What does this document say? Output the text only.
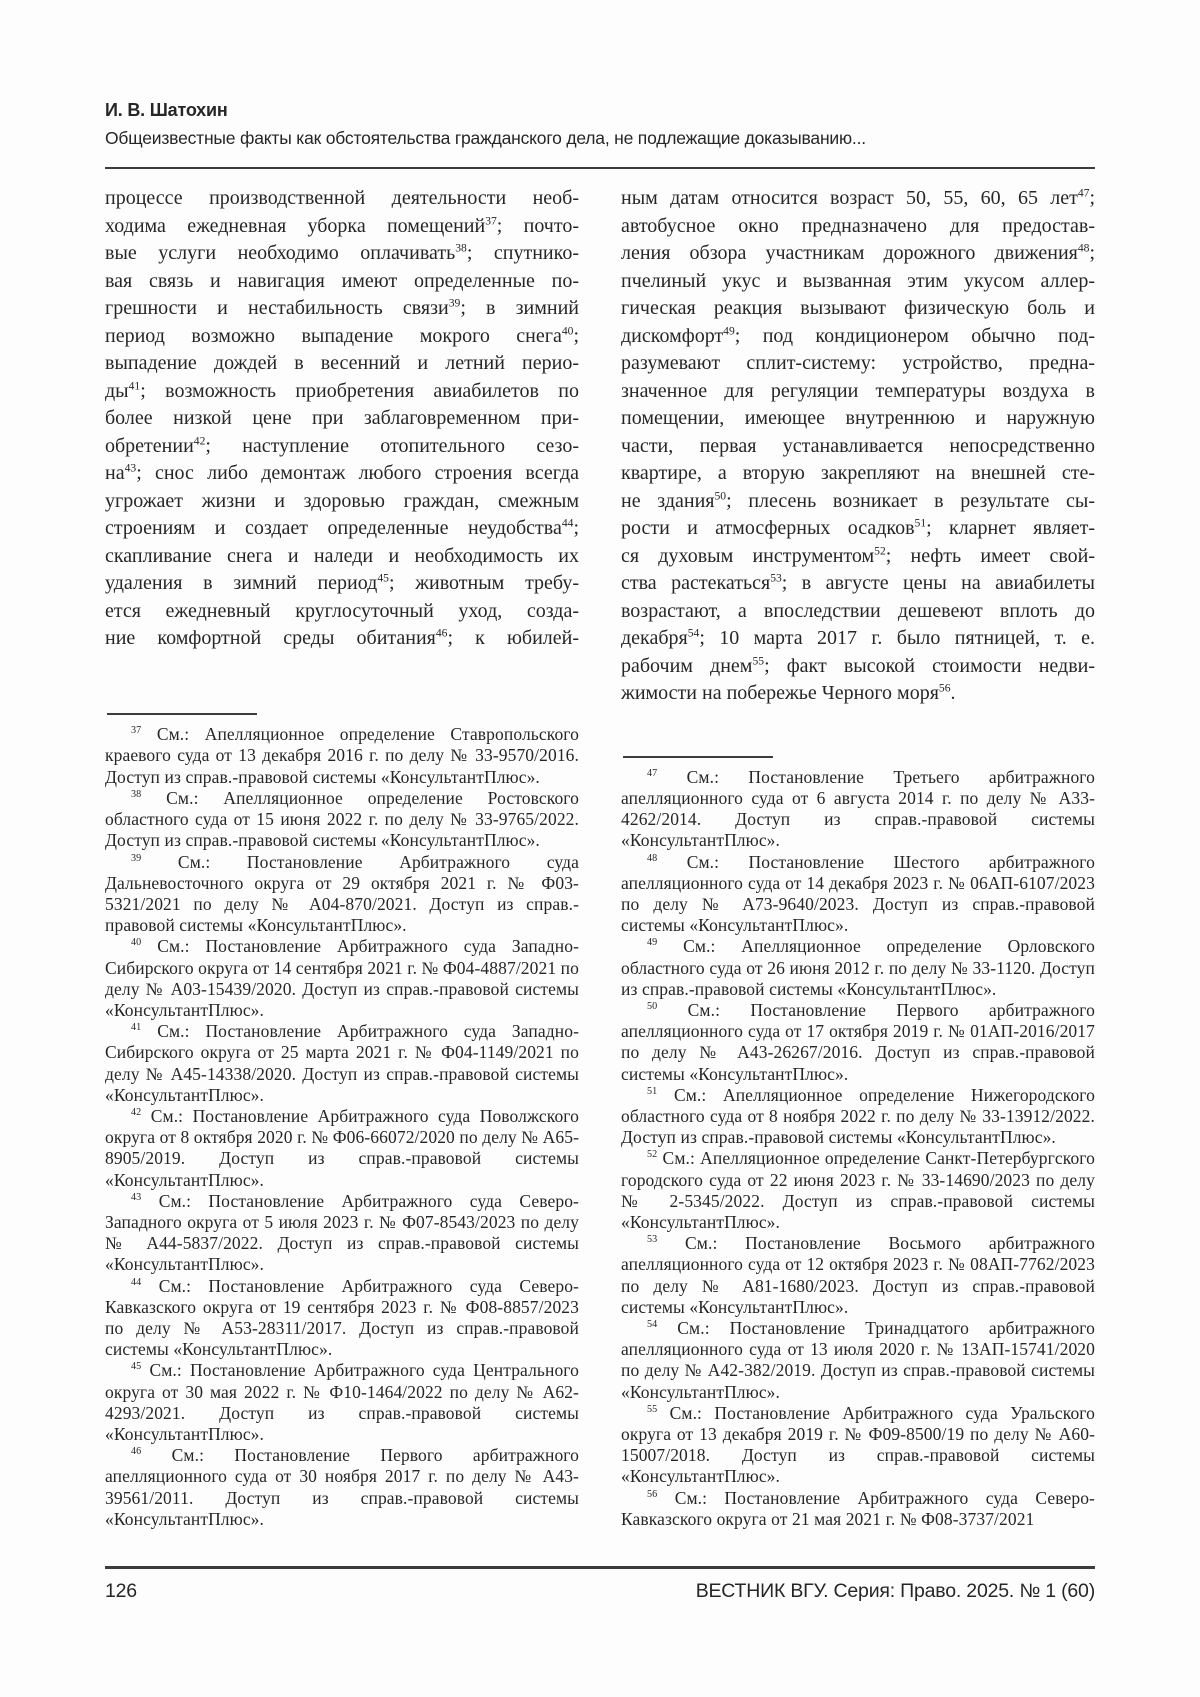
И. В. Шатохин
Общеизвестные факты как обстоятельства гражданского дела, не подлежащие доказыванию...
процессе производственной деятельности необ-
ходима ежедневная уборка помещений$^{37}$; почто-
вые услуги необходимо оплачивать$^{38}$; спутнико-
вая связь и навигация имеют определенные по-
грешности и нестабильность связи$^{39}$; в зимний
период возможно выпадение мокрого снега$^{40}$;
выпадение дождей в весенний и летний перио-
$ды^{41}$; возможность приобретения авиабилетов по
более низкой цене при заблаговременном при-
обретении$^{42}$; наступление отопительного сезо-
$на^{43}$; снос либо демонтаж любого строения всегда
угрожает жизни и здоровью граждан, смежным
строениям и создает определенные неудобства$^{44}$;
скапливание снега и наледи и необходимость их
удаления в зимний период$^{45}$; животным требу-
ется ежедневный круглосуточный уход, созда-
ние комфортной среды обитания$^{46}$; к юбилей-

$^{37}$ См.: Апелляционное определение Ставропольского краевого суда от 13 декабря 2016 г. по делу № 33-9570/2016. Доступ из справ.-правовой системы «КонсультантПлюс».

$^{38}$ См.: Апелляционное определение Ростовского областного суда от 15 июня 2022 г. по делу № 33-9765/2022. Доступ из справ.-правовой системы «КонсультантПлюс».

$^{39}$ См.: Постановление Арбитражного суда Дальневосточного округа от 29 октября 2021 г. № Ф03-5321/2021 по делу № А04-870/2021. Доступ из справ.-правовой системы «КонсультантПлюс».

$^{40}$ См.: Постановление Арбитражного суда Западно-Сибирского округа от 14 сентября 2021 г. № Ф04-4887/2021 по делу № А03-15439/2020. Доступ из справ.-правовой системы «КонсультантПлюс».

$^{41}$ См.: Постановление Арбитражного суда Западно-Сибирского округа от 25 марта 2021 г. № Ф04-1149/2021 по делу № А45-14338/2020. Доступ из справ.-правовой системы «КонсультантПлюс».

$^{42}$ См.: Постановление Арбитражного суда Поволжского округа от 8 октября 2020 г. № Ф06-66072/2020 по делу № А65-8905/2019. Доступ из справ.-правовой системы «КонсультантПлюс».

$^{43}$ См.: Постановление Арбитражного суда Северо-Западного округа от 5 июля 2023 г. № Ф07-8543/2023 по делу № А44-5837/2022. Доступ из справ.-правовой системы «КонсультантПлюс».

$^{44}$ См.: Постановление Арбитражного суда Северо-Кавказского округа от 19 сентября 2023 г. № Ф08-8857/2023 по делу № А53-28311/2017. Доступ из справ.-правовой системы «КонсультантПлюс».

$^{45}$ См.: Постановление Арбитражного суда Центрального округа от 30 мая 2022 г. № Ф10-1464/2022 по делу № А62-4293/2021. Доступ из справ.-правовой системы «КонсультантПлюс».

$^{46}$ См.: Постановление Первого арбитражного апелляционного суда от 30 ноября 2017 г. по делу № А43-39561/2011. Доступ из справ.-правовой системы «КонсультантПлюс».

ным датам относится возраст 50, 55, 60, 65 лет$^{47}$;
автобусное окно предназначено для предостав-
ления обзора участникам дорожного движения$^{48}$;
пчелиный укус и вызванная этим укусом аллер-
гическая реакция вызывают физическую боль и
дискомфорт$^{49}$; под кондиционером обычно под-
разумевают сплит-систему: устройство, предна-
значенное для регуляции температуры воздуха в
помещении, имеющее внутреннюю и наружную
части, первая устанавливается непосредственно
квартире, а вторую закрепляют на внешней сте-
не здания$^{50}$; плесень возникает в результате сы-
рости и атмосферных осадков$^{51}$; кларнет являет-
ся духовым инструментом$^{52}$; нефть имеет свой-
ства растекаться$^{53}$; в августе цены на авиабилеты
возрастают, а впоследствии дешевеют вплоть до
декабря$^{54}$; 10 марта 2017 г. было пятницей, т. е.
рабочим днем$^{55}$; факт высокой стоимости недви-
жимости на побережье Черного моря$^{56}$.

$^{47}$ См.: Постановление Третьего арбитражного апелляционного суда от 6 августа 2014 г. по делу № А33-4262/2014. Доступ из справ.-правовой системы «КонсультантПлюс».

$^{48}$ См.: Постановление Шестого арбитражного апелляционного суда от 14 декабря 2023 г. № 06АП-6107/2023 по делу № А73-9640/2023. Доступ из справ.-правовой системы «КонсультантПлюс».

$^{49}$ См.: Апелляционное определение Орловского областного суда от 26 июня 2012 г. по делу № 33-1120. Доступ из справ.-правовой системы «КонсультантПлюс».

$^{50}$ См.: Постановление Первого арбитражного апелляционного суда от 17 октября 2019 г. № 01АП-2016/2017 по делу № А43-26267/2016. Доступ из справ.-правовой системы «КонсультантПлюс».

$^{51}$ См.: Апелляционное определение Нижегородского областного суда от 8 ноября 2022 г. по делу № 33-13912/2022. Доступ из справ.-правовой системы «КонсультантПлюс».

$^{52}$ См.: Апелляционное определение Санкт-Петербургского городского суда от 22 июня 2023 г. № 33-14690/2023 по делу № 2-5345/2022. Доступ из справ.-правовой системы «КонсультантПлюс».

$^{53}$ См.: Постановление Восьмого арбитражного апелляционного суда от 12 октября 2023 г. № 08АП-7762/2023 по делу № А81-1680/2023. Доступ из справ.-правовой системы «КонсультантПлюс».

$^{54}$ См.: Постановление Тринадцатого арбитражного апелляционного суда от 13 июля 2020 г. № 13АП-15741/2020 по делу № А42-382/2019. Доступ из справ.-правовой системы «КонсультантПлюс».

$^{55}$ См.: Постановление Арбитражного суда Уральского округа от 13 декабря 2019 г. № Ф09-8500/19 по делу № А60-15007/2018. Доступ из справ.-правовой системы «КонсультантПлюс».

$^{56}$ См.: Постановление Арбитражного суда Северо-Кавказского округа от 21 мая 2021 г. № Ф08-3737/2021

126	ВЕСТНИК ВГУ. Серия: Право. 2025. № 1 (60)
